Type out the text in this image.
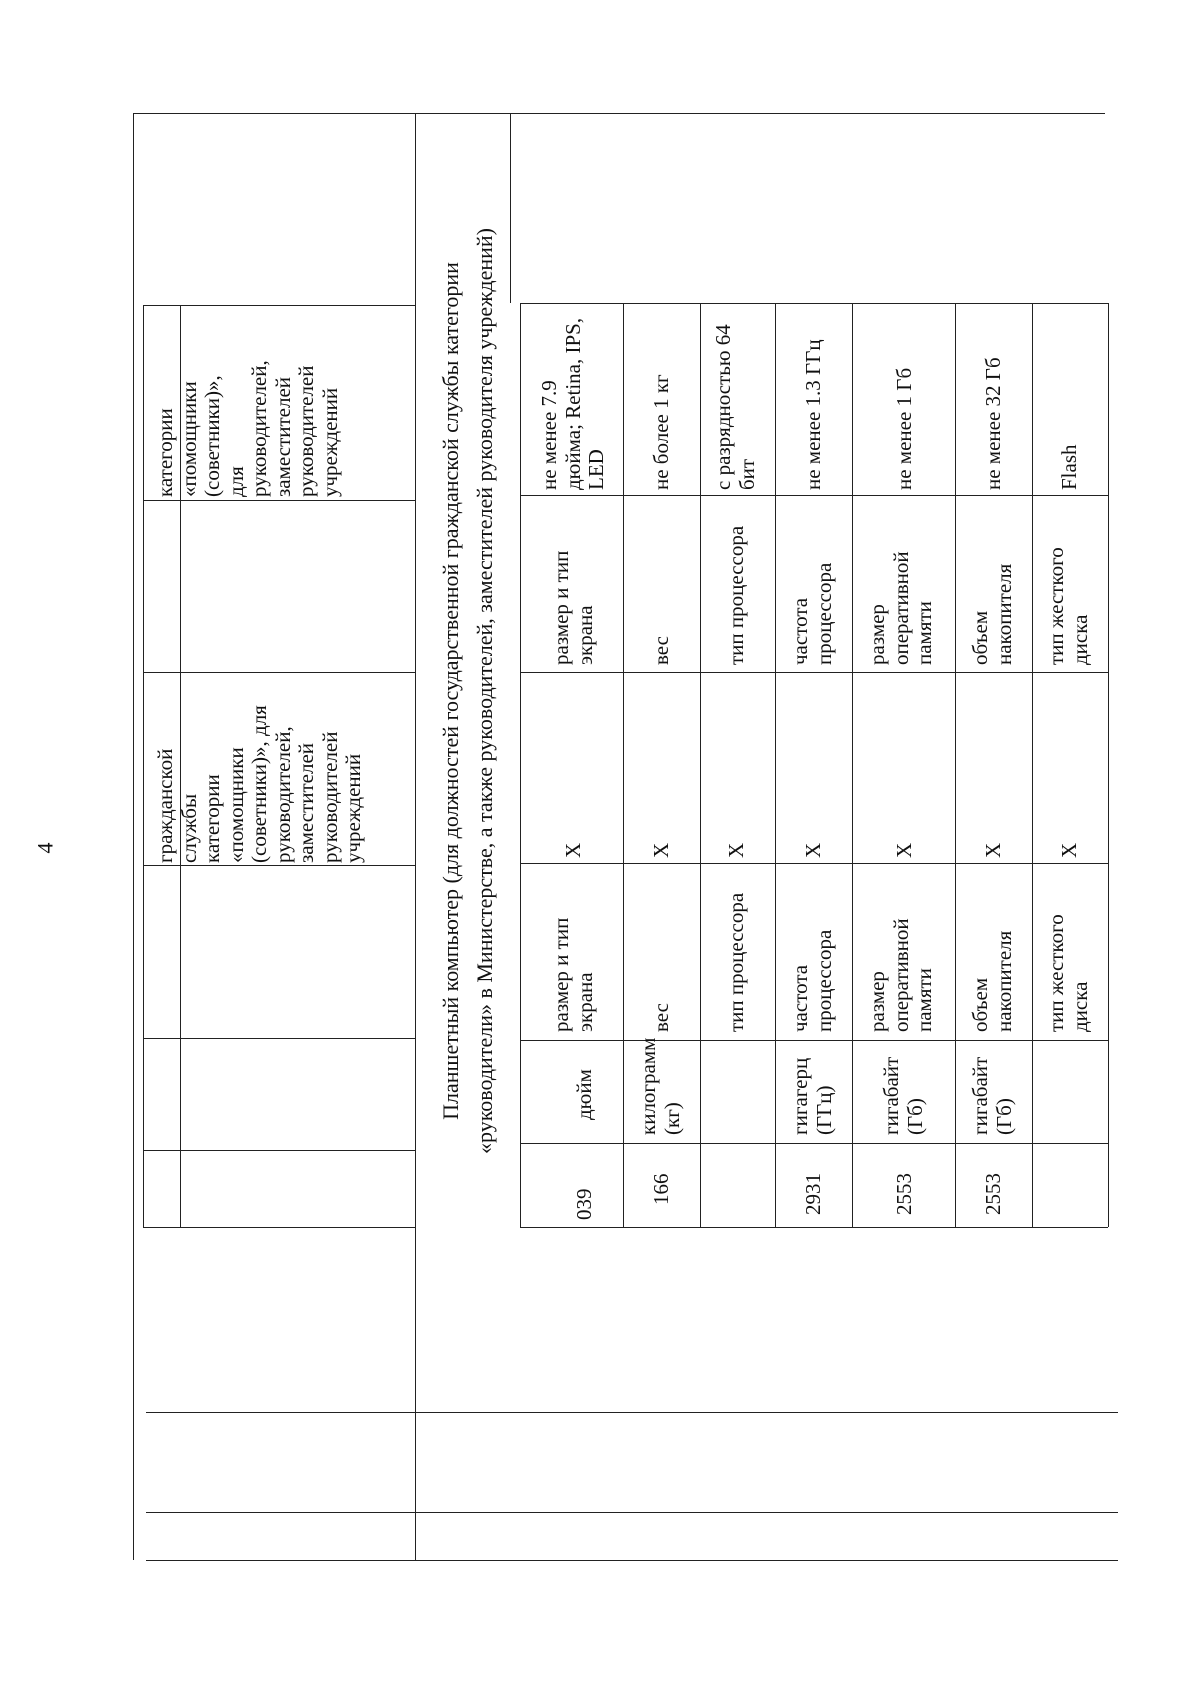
4	гражданской службы категории «помощники (советники)», для руководителей, заместителей руководителей учреждений
категории «помощники (советники)», для руководителей, заместителей руководителей учреждений	Планшетный компьютер (для должностей государственной гражданской службы категории «руководители» в Министерстве, а также руководителей, заместителей руководителя учреждений)
039
дюйм
размер и тип экрана
X
размер и тип экрана
не менее 7.9 дюйма; Retina, IPS, LED
166
килограмм (кг)
вес
X
вес
не более 1 кг
тип процессора
X
тип процессора
с разрядностью 64 бит
2931
гигагерц (ГГц)
частота процессора
X
частота процессора
не менее 1.3 ГГц
2553
гигабайт (Гб)
размер оперативной памяти
X
размер оперативной памяти
не менее 1 Гб
2553
гигабайт (Гб)
объем накопителя
X
объем накопителя
не менее 32 Гб
тип жесткого диска
X
тип жесткого диска
Flash
